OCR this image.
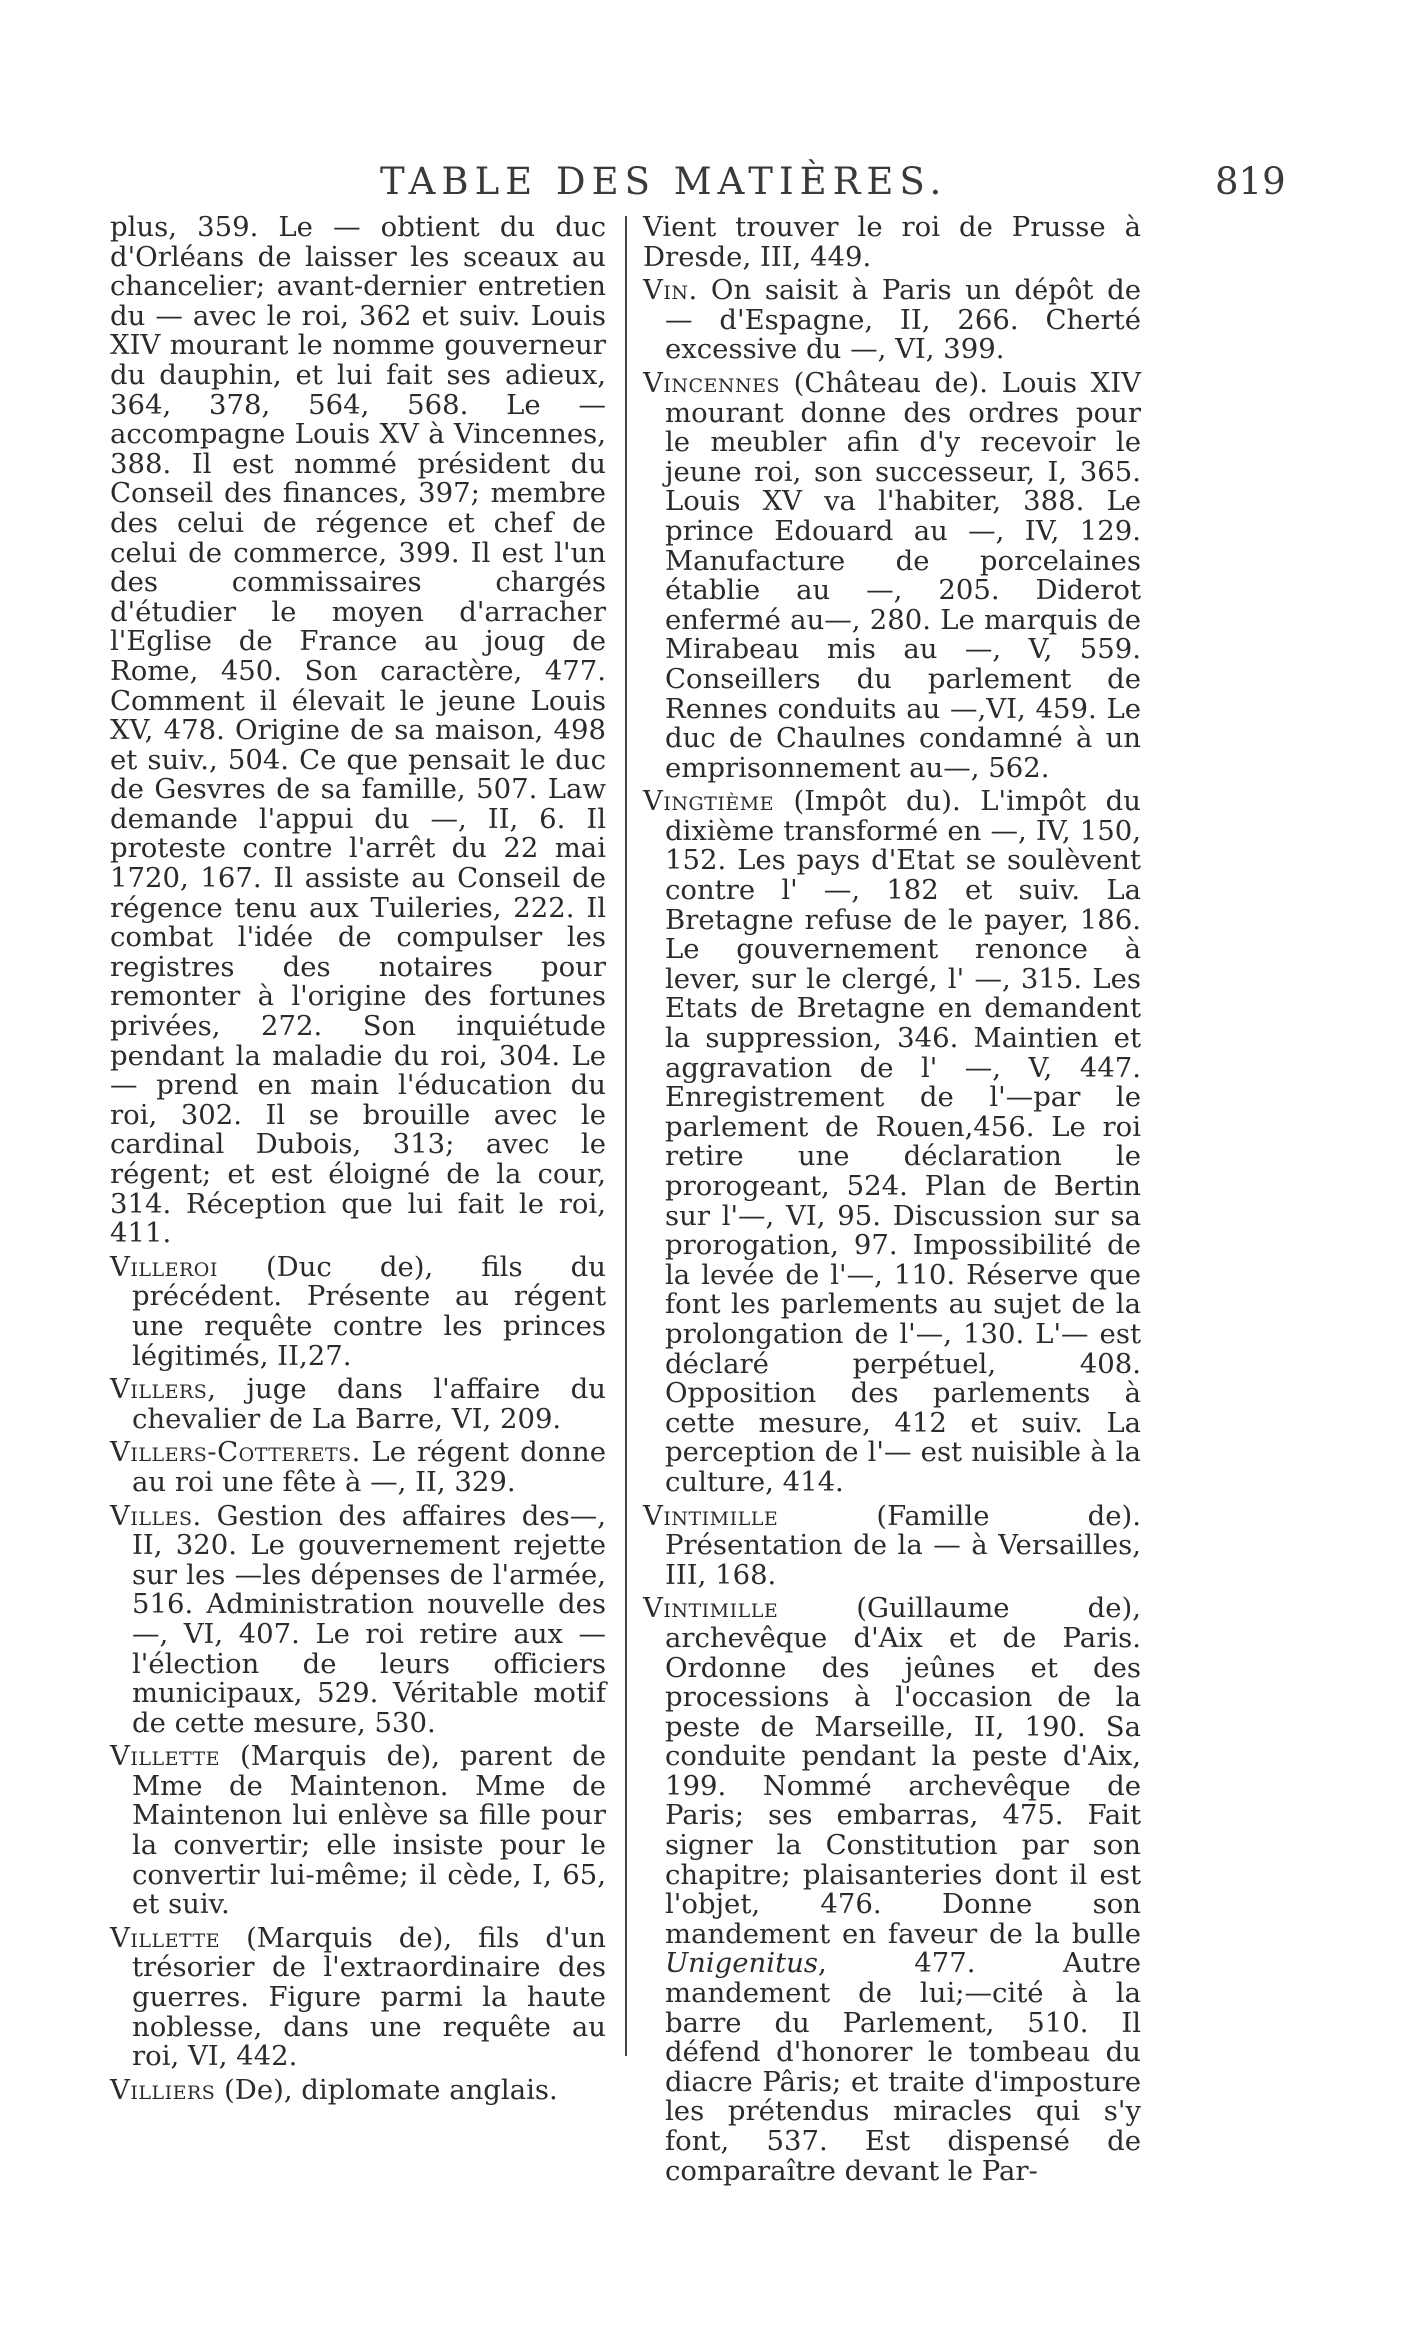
TABLE DES MATIÈRES.	819

plus, 359. Le — obtient du duc d'Orléans de laisser les sceaux au chancelier; avant-dernier entretien du — avec le roi, 362 et suiv. Louis XIV mourant le nomme gouverneur du dauphin, et lui fait ses adieux, 364, 378, 564, 568. Le — accompagne Louis XV à Vincennes, 388. Il est nommé président du Conseil des finances, 397; membre des celui de régence et chef de celui de commerce, 399. Il est l'un des commissaires chargés d'étudier le moyen d'arracher l'Eglise de France au joug de Rome, 450. Son caractère, 477. Comment il élevait le jeune Louis XV, 478. Origine de sa maison, 498 et suiv., 504. Ce que pensait le duc de Gesvres de sa famille, 507. Law demande l'appui du —, II, 6. Il proteste contre l'arrêt du 22 mai 1720, 167. Il assiste au Conseil de régence tenu aux Tuileries, 222. Il combat l'idée de compulser les registres des notaires pour remonter à l'origine des fortunes privées, 272. Son inquiétude pendant la maladie du roi, 304. Le — prend en main l'éducation du roi, 302. Il se brouille avec le cardinal Dubois, 313; avec le régent; et est éloigné de la cour, 314. Réception que lui fait le roi, 411.

Villeroi (Duc de), fils du précédent. Présente au régent une requête contre les princes légitimés, II,27.

Villers, juge dans l'affaire du chevalier de La Barre, VI, 209.

Villers-Cotterets. Le régent donne au roi une fête à —, II, 329.

Villes. Gestion des affaires des—, II, 320. Le gouvernement rejette sur les —les dépenses de l'armée, 516. Administration nouvelle des —, VI, 407. Le roi retire aux — l'élection de leurs officiers municipaux, 529. Véritable motif de cette mesure, 530.

Villette (Marquis de), parent de Mme de Maintenon. Mme de Maintenon lui enlève sa fille pour la convertir; elle insiste pour le convertir lui-même; il cède, I, 65, et suiv.

Villette (Marquis de), fils d'un trésorier de l'extraordinaire des guerres. Figure parmi la haute noblesse, dans une requête au roi, VI, 442.

Villiers (De), diplomate anglais.

Vient trouver le roi de Prusse à Dresde, III, 449.

Vin. On saisit à Paris un dépôt de — d'Espagne, II, 266. Cherté excessive du —, VI, 399.

Vincennes (Château de). Louis XIV mourant donne des ordres pour le meubler afin d'y recevoir le jeune roi, son successeur, I, 365. Louis XV va l'habiter, 388. Le prince Edouard au —, IV, 129. Manufacture de porcelaines établie au —, 205. Diderot enfermé au—, 280. Le marquis de Mirabeau mis au —, V, 559. Conseillers du parlement de Rennes conduits au —,VI, 459. Le duc de Chaulnes condamné à un emprisonnement au—, 562.

Vingtième (Impôt du). L'impôt du dixième transformé en —, IV, 150, 152. Les pays d'Etat se soulèvent contre l' —, 182 et suiv. La Bretagne refuse de le payer, 186. Le gouvernement renonce à lever, sur le clergé, l' —, 315. Les Etats de Bretagne en demandent la suppression, 346. Maintien et aggravation de l' —, V, 447. Enregistrement de l'—par le parlement de Rouen,456. Le roi retire une déclaration le prorogeant, 524. Plan de Bertin sur l'—, VI, 95. Discussion sur sa prorogation, 97. Impossibilité de la levée de l'—, 110. Réserve que font les parlements au sujet de la prolongation de l'—, 130. L'— est déclaré perpétuel, 408. Opposition des parlements à cette mesure, 412 et suiv. La perception de l'— est nuisible à la culture, 414.

Vintimille (Famille de). Présentation de la — à Versailles, III, 168.

Vintimille (Guillaume de), archevêque d'Aix et de Paris. Ordonne des jeûnes et des processions à l'occasion de la peste de Marseille, II, 190. Sa conduite pendant la peste d'Aix, 199. Nommé archevêque de Paris; ses embarras, 475. Fait signer la Constitution par son chapitre; plaisanteries dont il est l'objet, 476. Donne son mandement en faveur de la bulle Unigenitus, 477. Autre mandement de lui;—cité à la barre du Parlement, 510. Il défend d'honorer le tombeau du diacre Pâris; et traite d'imposture les prétendus miracles qui s'y font, 537. Est dispensé de comparaître devant le Par-
